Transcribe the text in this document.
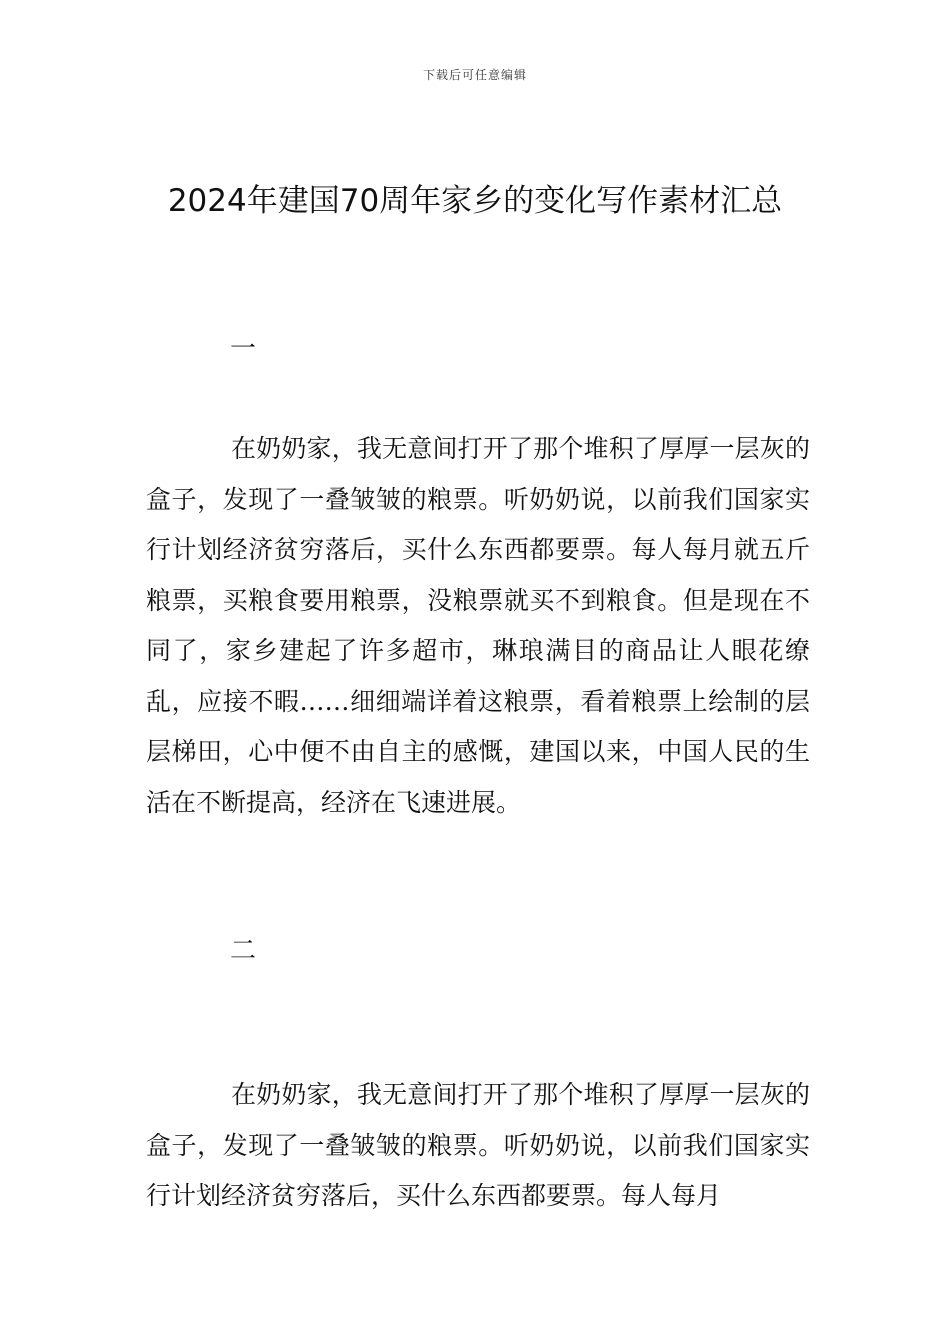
下载后可任意编辑
2024年建国70周年家乡的变化写作素材汇总
一

在奶奶家，我无意间打开了那个堆积了厚厚一层灰的盒子，发现了一叠皱皱的粮票。听奶奶说，以前我们国家实行计划经济贫穷落后，买什么东西都要票。每人每月就五斤粮票，买粮食要用粮票，没粮票就买不到粮食。但是现在不同了，家乡建起了许多超市，琳琅满目的商品让人眼花缭乱，应接不暇……细细端详着这粮票，看着粮票上绘制的层层梯田，心中便不由自主的感慨，建国以来，中国人民的生活在不断提高，经济在飞速进展。

二

在奶奶家，我无意间打开了那个堆积了厚厚一层灰的盒子，发现了一叠皱皱的粮票。听奶奶说，以前我们国家实行计划经济贫穷落后，买什么东西都要票。每人每月
